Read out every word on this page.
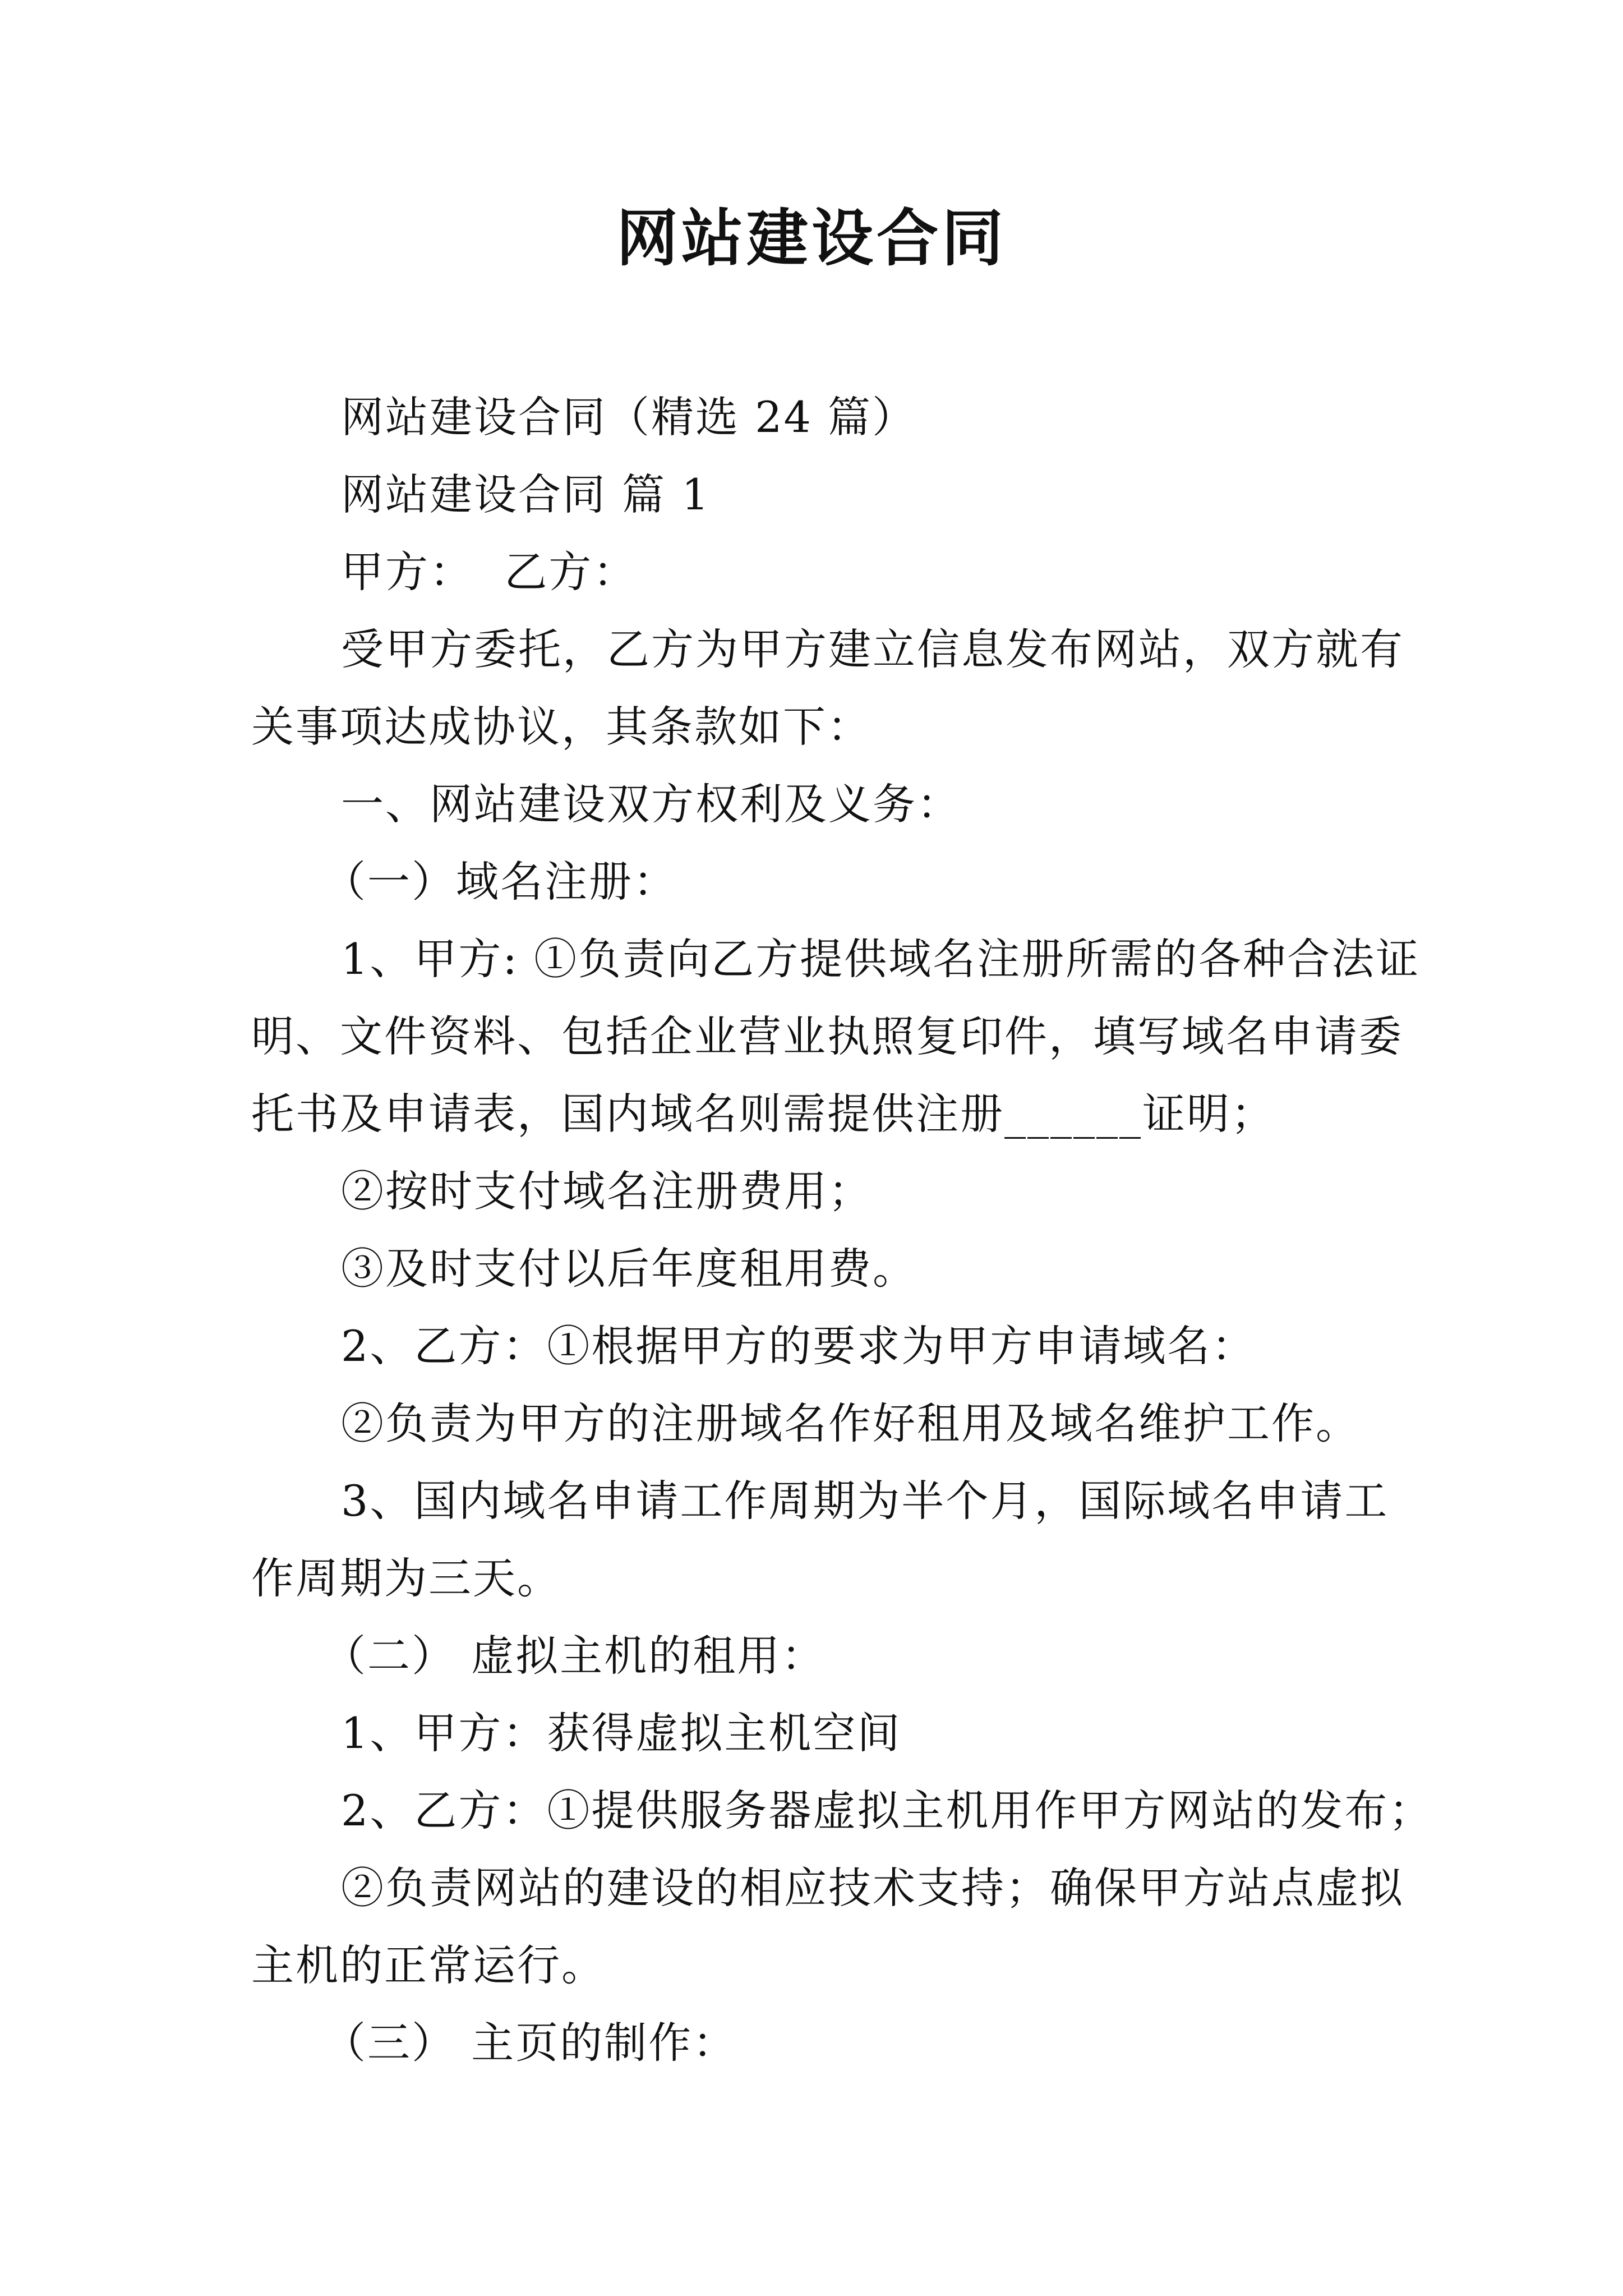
网站建设合同

网站建设合同（精选 24 篇）

网站建设合同 篇 1

甲方：  乙方：

受甲方委托，乙方为甲方建立信息发布网站，双方就有

关事项达成协议，其条款如下：

一、网站建设双方权利及义务：

（一）域名注册：

1、甲方: ①负责向乙方提供域名注册所需的各种合法证

明、文件资料、包括企业营业执照复印件，填写域名申请委

托书及申请表，国内域名则需提供注册______证明；

②按时支付域名注册费用；

③及时支付以后年度租用费。

2、乙方：①根据甲方的要求为甲方申请域名：

②负责为甲方的注册域名作好租用及域名维护工作。

3、国内域名申请工作周期为半个月，国际域名申请工

作周期为三天。

（二） 虚拟主机的租用：

1、甲方：获得虚拟主机空间

2、乙方：①提供服务器虚拟主机用作甲方网站的发布；

②负责网站的建设的相应技术支持；确保甲方站点虚拟

主机的正常运行。

（三） 主页的制作：
